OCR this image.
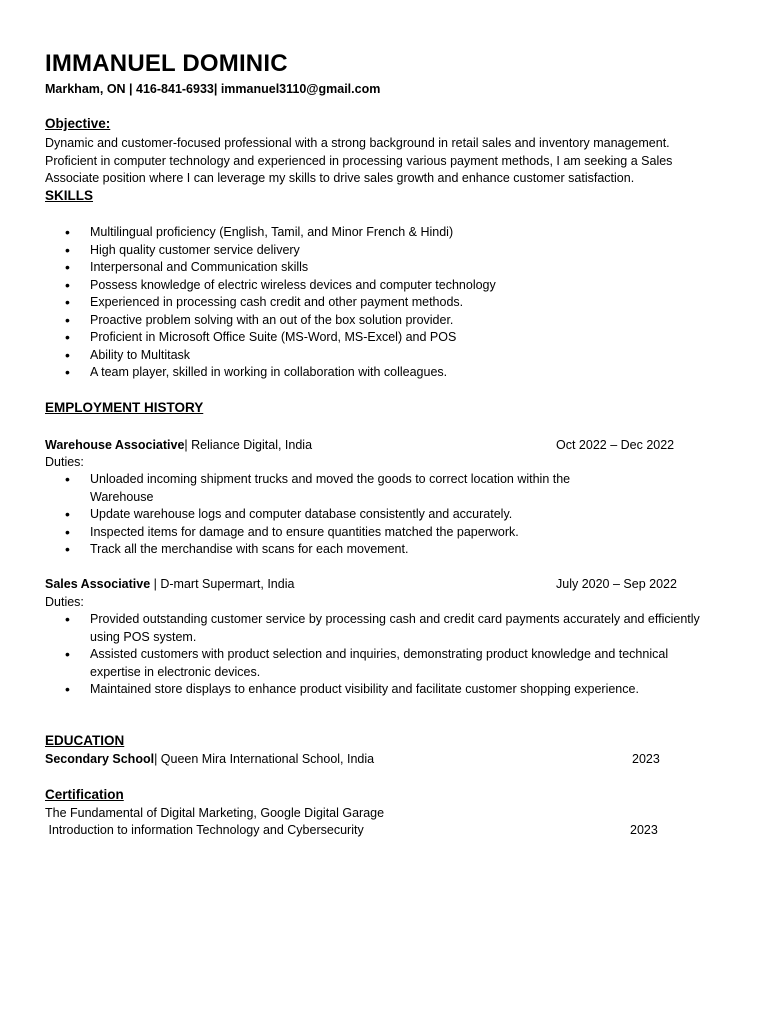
IMMANUEL DOMINIC
Markham, ON | 416-841-6933| immanuel3110@gmail.com
Objective:
Dynamic and customer-focused professional with a strong background in retail sales and inventory management. Proficient in computer technology and experienced in processing various payment methods, I am seeking a Sales Associate position where I can leverage my skills to drive sales growth and enhance customer satisfaction.
SKILLS
• Multilingual proficiency (English, Tamil, and Minor French & Hindi)
• High quality customer service delivery
• Interpersonal and Communication skills
• Possess knowledge of electric wireless devices and computer technology
• Experienced in processing cash credit and other payment methods.
• Proactive problem solving with an out of the box solution provider.
• Proficient in Microsoft Office Suite (MS-Word, MS-Excel) and POS
• Ability to Multitask
• A team player, skilled in working in collaboration with colleagues.
EMPLOYMENT HISTORY
Warehouse Associative| Reliance Digital, India	Oct 2022 – Dec 2022
Duties:
• Unloaded incoming shipment trucks and moved the goods to correct location within the Warehouse
• Update warehouse logs and computer database consistently and accurately.
• Inspected items for damage and to ensure quantities matched the paperwork.
• Track all the merchandise with scans for each movement.
Sales Associative | D-mart Supermart, India	July 2020 – Sep 2022
Duties:
• Provided outstanding customer service by processing cash and credit card payments accurately and efficiently using POS system.
• Assisted customers with product selection and inquiries, demonstrating product knowledge and technical expertise in electronic devices.
• Maintained store displays to enhance product visibility and facilitate customer shopping experience.
EDUCATION
Secondary School| Queen Mira International School, India	2023
Certification
The Fundamental of Digital Marketing, Google Digital Garage
Introduction to information Technology and Cybersecurity	2023
